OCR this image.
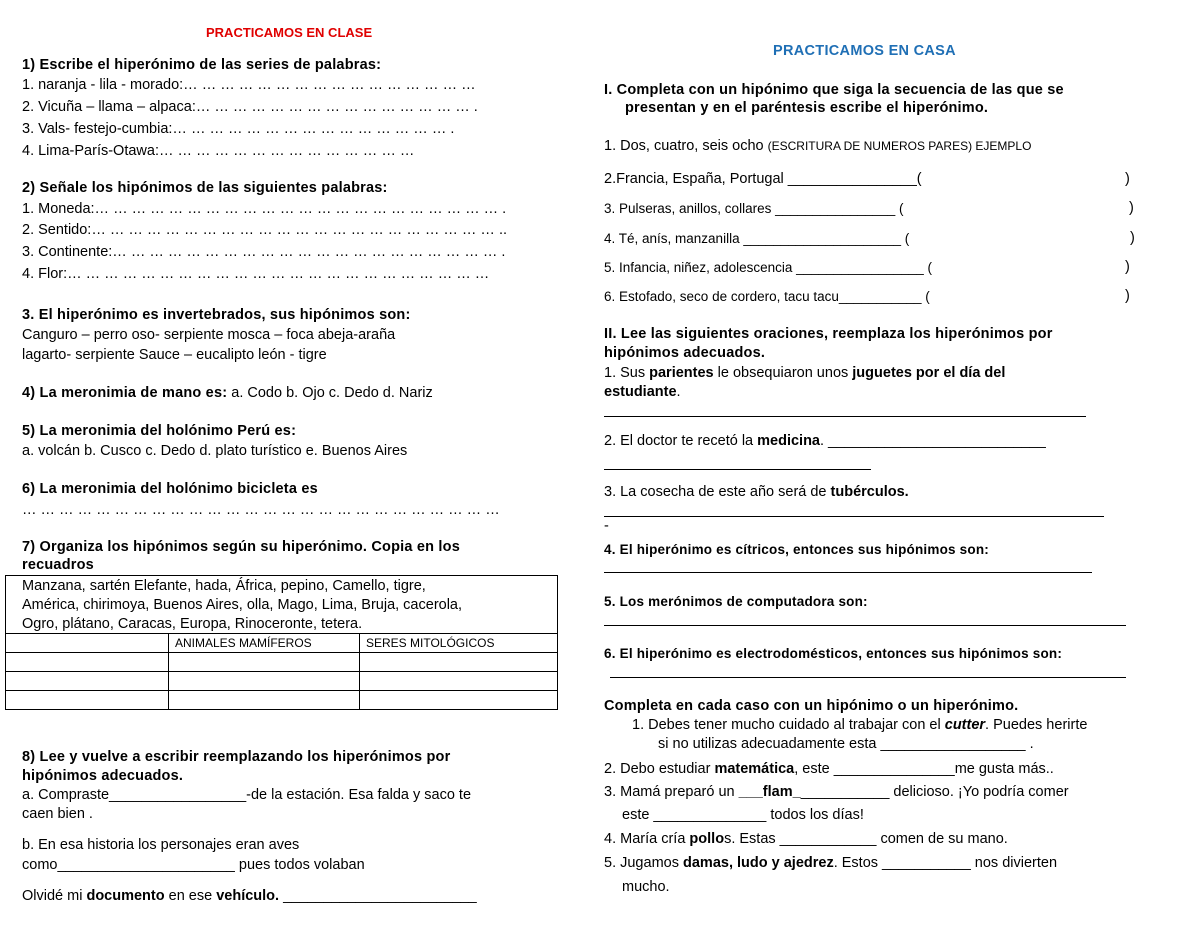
PRACTICAMOS EN CLASE
1) Escribe el hiperónimo de las series de palabras:
1. naranja - lila - morado:… … … … … … … … … … … … … … … …
2. Vicuña – llama – alpaca:… … … … … … … … … … … … … … … .
3. Vals- festejo-cumbia:… … … … … … … … … … … … … … … .
4. Lima-París-Otawa:… … … … … … … … … … … … … …
2) Señale los hipónimos de las siguientes palabras:
1. Moneda:… … … … … … … … … … … … … … … … … … … … … … .
2. Sentido:… … … … … … … … … … … … … … … … … … … … … … ..
3. Continente:… … … … … … … … … … … … … … … … … … … … … .
4. Flor:… … … … … … … … … … … … … … … … … … … … … … …
3. El hiperónimo es invertebrados, sus hipónimos son:
Canguro – perro oso- serpiente mosca – foca abeja-araña
lagarto- serpiente Sauce – eucalipto león - tigre
4) La meronimia de mano es: a. Codo b. Ojo c. Dedo d. Nariz
5) La meronimia del holónimo Perú es:
a. volcán b. Cusco c. Dedo d. plato turístico e. Buenos Aires
6) La meronimia del holónimo bicicleta es
… … … … … … … … … … … … … … … … … … … … … … … … … …
7) Organiza los hipónimos según su hiperónimo. Copia en los
recuadros
Manzana, sartén Elefante, hada, África, pepino, Camello, tigre,
América, chirimoya, Buenos Aires, olla, Mago, Lima, Bruja, cacerola,
Ogro, plátano, Caracas, Europa, Rinoceronte, tetera.
	ANIMALES MAMÍFEROS	SERES MITOLÓGICOS

8) Lee y vuelve a escribir reemplazando los hiperónimos por
hipónimos adecuados.
a. Compraste_________________-de la estación. Esa falda y saco te
caen bien .
b. En esa historia los personajes eran aves
como______________________ pues todos volaban
Olvidé mi documento en ese vehículo. ________________________
PRACTICAMOS EN CASA
I. Completa con un hipónimo que siga la secuencia de las que se
presentan y en el paréntesis escribe el hiperónimo.
1. Dos, cuatro, seis ocho (ESCRITURA DE NUMEROS PARES) EJEMPLO
2.Francia, España, Portugal ________________(	)
3. Pulseras, anillos, collares ________________ (	)
4. Té, anís, manzanilla _____________________ (	)
5. Infancia, niñez, adolescencia _________________ (	)
6. Estofado, seco de cordero, tacu tacu___________ (	)
II. Lee las siguientes oraciones, reemplaza los hiperónimos por
hipónimos adecuados.
1. Sus parientes le obsequiaron unos juguetes por el día del
estudiante.
2. El doctor te recetó la medicina. ___________________________
3. La cosecha de este año será de tubérculos.
-
4. El hiperónimo es cítricos, entonces sus hipónimos son:
5. Los merónimos de computadora son:
6. El hiperónimo es electrodomésticos, entonces sus hipónimos son:
Completa en cada caso con un hipónimo o un hiperónimo.
1. Debes tener mucho cuidado al trabajar con el cutter. Puedes herirte
si no utilizas adecuadamente esta __________________ .
2. Debo estudiar matemática, este _______________me gusta más..
3. Mamá preparó un ___flam____________ delicioso. ¡Yo podría comer
este ______________ todos los días!
4. María cría pollos. Estas ____________ comen de su mano.
5. Jugamos damas, ludo y ajedrez. Estos ___________ nos divierten
mucho.
